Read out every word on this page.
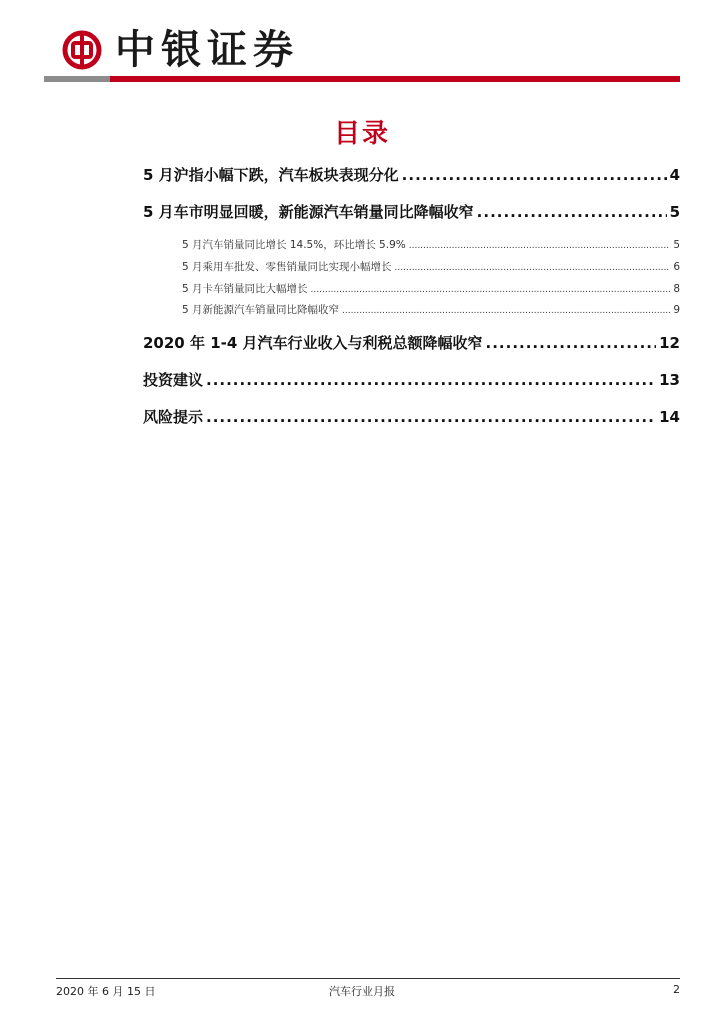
中银证券
目录
5 月沪指小幅下跌，汽车板块表现分化 .....	4
5 月车市明显回暖，新能源汽车销量同比降幅收窄 .....	5
5 月汽车销量同比增长 14.5%，环比增长 5.9% .....	5
5 月乘用车批发、零售销量同比实现小幅增长 .....	6
5 月卡车销量同比大幅增长 .....	8
5 月新能源汽车销量同比降幅收窄 .....	9
2020 年 1-4 月汽车行业收入与利税总额降幅收窄 .....	12
投资建议 .....	13
风险提示 .....	14
2020 年 6 月 15 日	汽车行业月报	2
